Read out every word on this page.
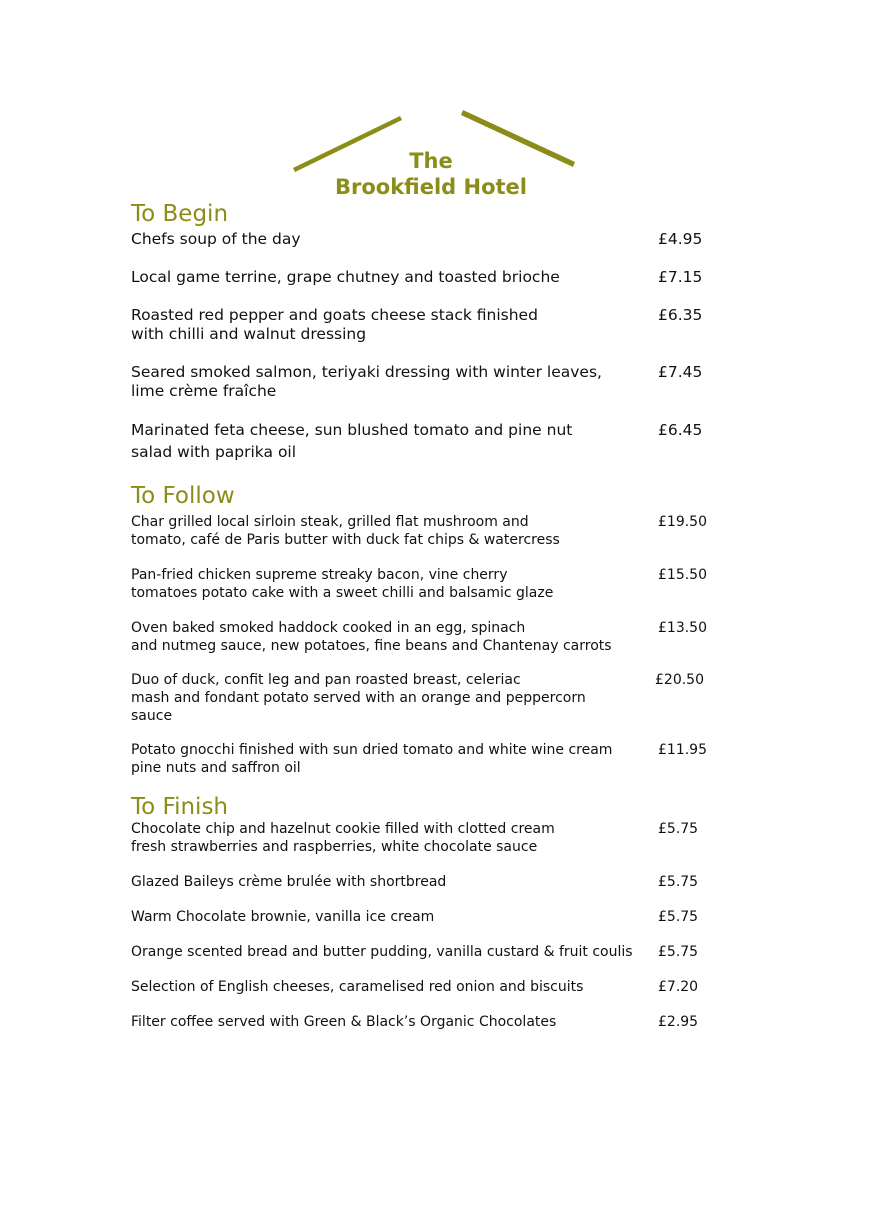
The
Brookfield Hotel
To Begin
Chefs soup of the day	£4.95
Local game terrine, grape chutney and toasted brioche	£7.15
Roasted red pepper and goats cheese stack finished
with chilli and walnut dressing
£6.35
Seared smoked salmon, teriyaki dressing with winter leaves,
lime crème fraîche
£7.45
Marinated feta cheese, sun blushed tomato and pine nut
salad with paprika oil
£6.45
To Follow
Char grilled local sirloin steak, grilled flat mushroom and
tomato, café de Paris butter with duck fat chips & watercress
£19.50
Pan-fried chicken supreme streaky bacon, vine cherry
tomatoes potato cake with a sweet chilli and balsamic glaze
£15.50
Oven baked smoked haddock cooked in an egg, spinach
and nutmeg sauce, new potatoes, fine beans and Chantenay carrots
£13.50
Duo of duck, confit leg and pan roasted breast, celeriac
mash and fondant potato served with an orange and peppercorn
sauce
£20.50
Potato gnocchi finished with sun dried tomato and white wine cream
pine nuts and saffron oil
£11.95
To Finish
Chocolate chip and hazelnut cookie filled with clotted cream
fresh strawberries and raspberries, white chocolate sauce
£5.75
Glazed Baileys crème brulée with shortbread	£5.75
Warm Chocolate brownie, vanilla ice cream	£5.75
Orange scented bread and butter pudding, vanilla custard & fruit coulis	£5.75
Selection of English cheeses, caramelised red onion and biscuits	£7.20
Filter coffee served with Green & Black’s Organic Chocolates	£2.95
